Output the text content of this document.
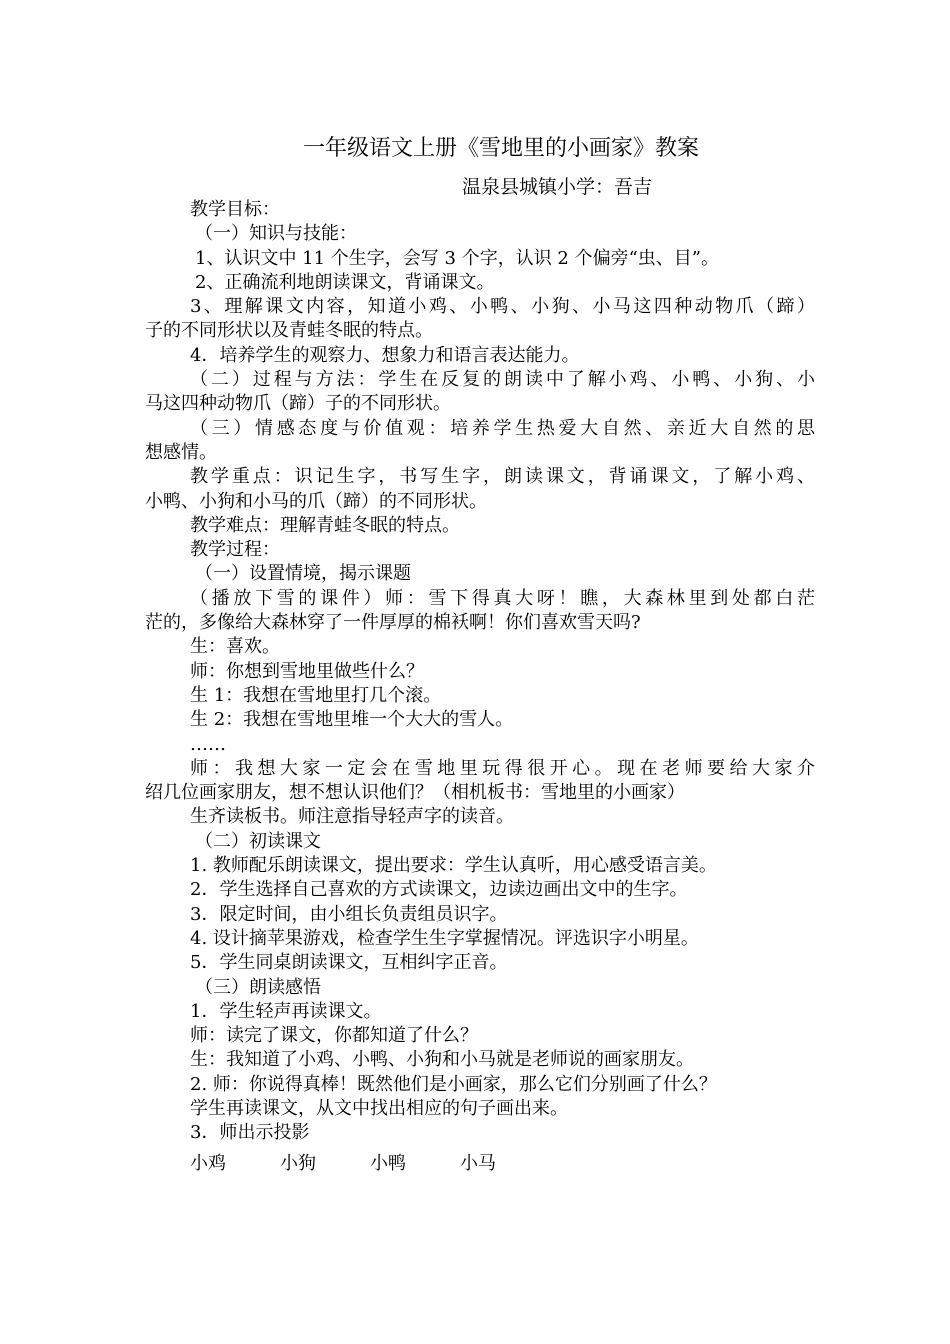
一年级语文上册《雪地里的小画家》教案
温泉县城镇小学：吾吉
教学目标：
（一）知识与技能：
1、认识文中 11 个生字，会写 3 个字，认识 2 个偏旁“虫、目”。
2、正确流利地朗读课文，背诵课文。
3、理解课文内容，知道小鸡、小鸭、小狗、小马这四种动物爪（蹄）
子的不同形状以及青蛙冬眠的特点。
4．培养学生的观察力、想象力和语言表达能力。
（二）过程与方法：学生在反复的朗读中了解小鸡、小鸭、小狗、小
马这四种动物爪（蹄）子的不同形状。
（三）情感态度与价值观：培养学生热爱大自然、亲近大自然的思
想感情。
教学重点：识记生字，书写生字，朗读课文，背诵课文，了解小鸡、
小鸭、小狗和小马的爪（蹄）的不同形状。
教学难点：理解青蛙冬眠的特点。
教学过程：
（一）设置情境，揭示课题
（播放下雪的课件）师：雪下得真大呀！瞧，大森林里到处都白茫
茫的，多像给大森林穿了一件厚厚的棉袄啊！你们喜欢雪天吗?
生：喜欢。
师：你想到雪地里做些什么？
生 1：我想在雪地里打几个滚。
生 2：我想在雪地里堆一个大大的雪人。
……
师：我想大家一定会在雪地里玩得很开心。现在老师要给大家介
绍几位画家朋友，想不想认识他们？（相机板书：雪地里的小画家）
生齐读板书。师注意指导轻声字的读音。
（二）初读课文
1. 教师配乐朗读课文，提出要求：学生认真听，用心感受语言美。
2．学生选择自己喜欢的方式读课文，边读边画出文中的生字。
3．限定时间，由小组长负责组员识字。
4. 设计摘苹果游戏，检查学生生字掌握情况。评选识字小明星。
5．学生同桌朗读课文，互相纠字正音。
（三）朗读感悟
1．学生轻声再读课文。
师：读完了课文，你都知道了什么？
生：我知道了小鸡、小鸭、小狗和小马就是老师说的画家朋友。
2. 师：你说得真棒！既然他们是小画家，那么它们分别画了什么？
学生再读课文，从文中找出相应的句子画出来。
3．师出示投影
小鸡	小狗	小鸭	小马
